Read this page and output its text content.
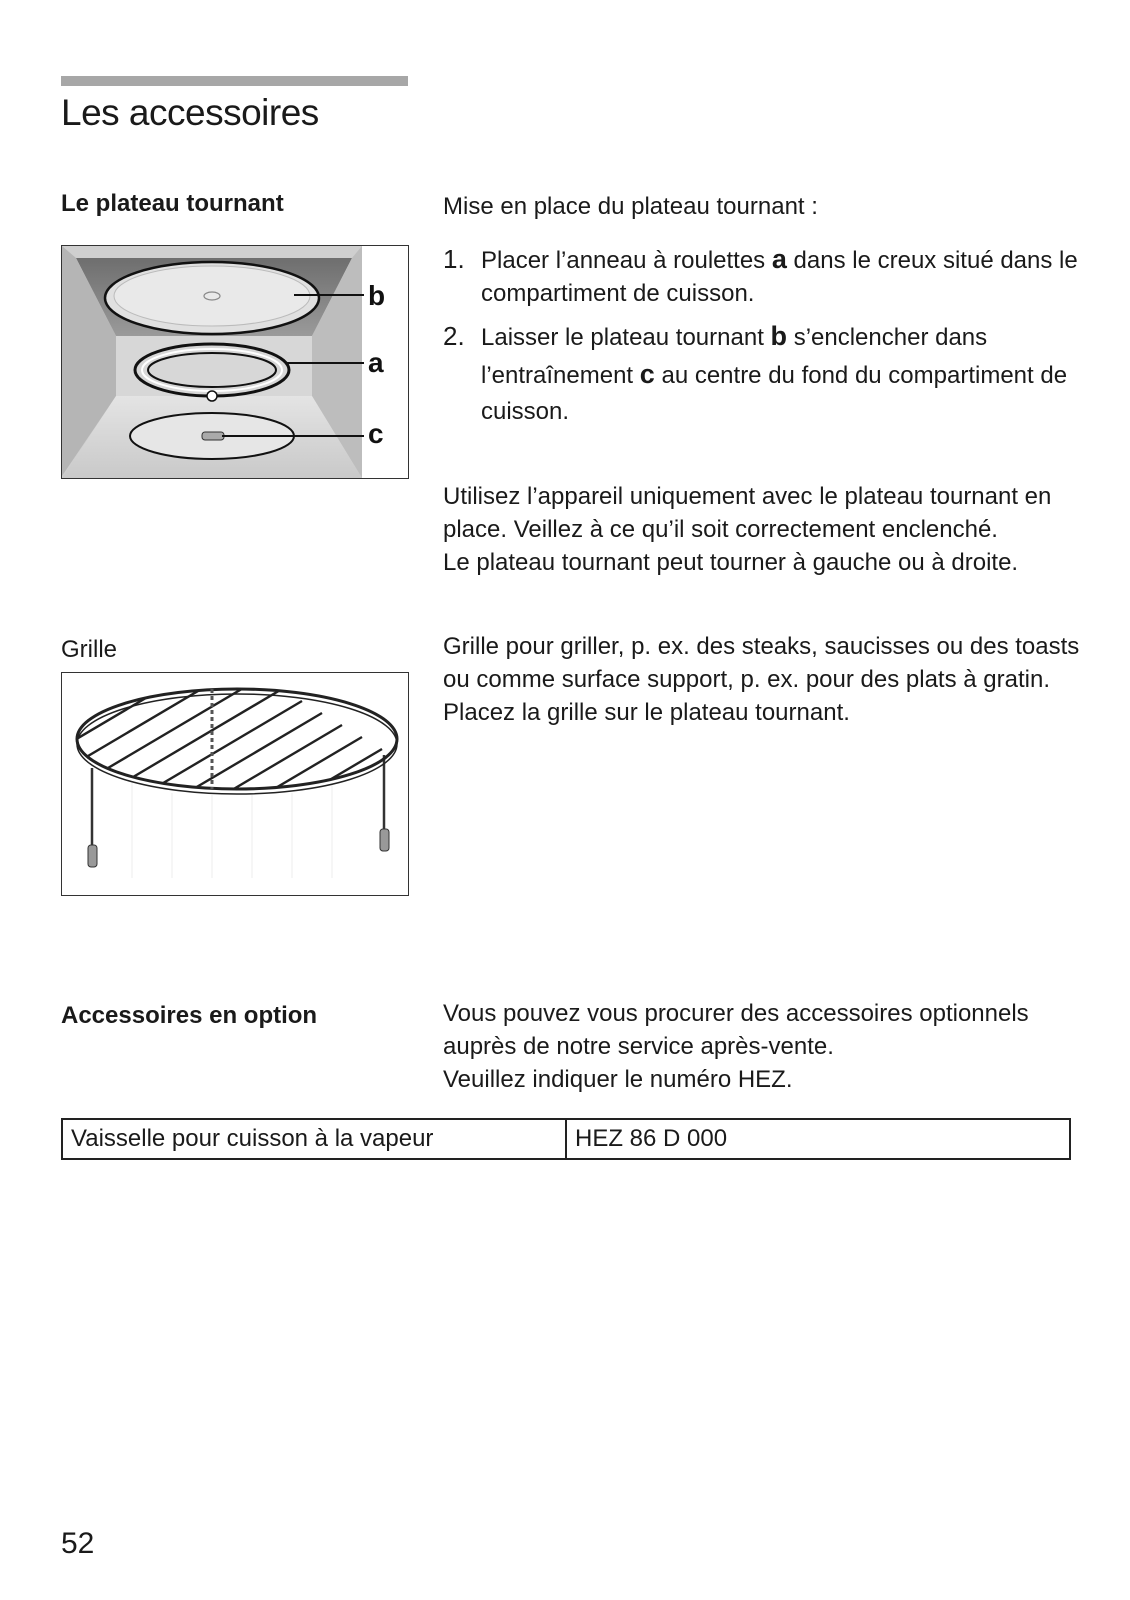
Les accessoires
Le plateau tournant
b
a
c

Mise en place du plateau tournant :

1. Placer l’anneau à roulettes a dans le creux situé dans le compartiment de cuisson.

2. Laisser le plateau tournant b s’enclencher dans l’entraînement c au centre du fond du compartiment de cuisson.

Utilisez l’appareil uniquement avec le plateau tournant en place. Veillez à ce qu’il soit correctement enclenché.

Le plateau tournant peut tourner à gauche ou à droite.

Grille	Grille pour griller, p. ex. des steaks, saucisses ou des toasts ou comme surface support, p. ex. pour des plats à gratin.

Placez la grille sur le plateau tournant.

Accessoires en option	Vous pouvez vous procurer des accessoires optionnels auprès de notre service après-vente.

Veuillez indiquer le numéro HEZ.

Vaisselle pour cuisson à la vapeur	HEZ 86 D 000
52
